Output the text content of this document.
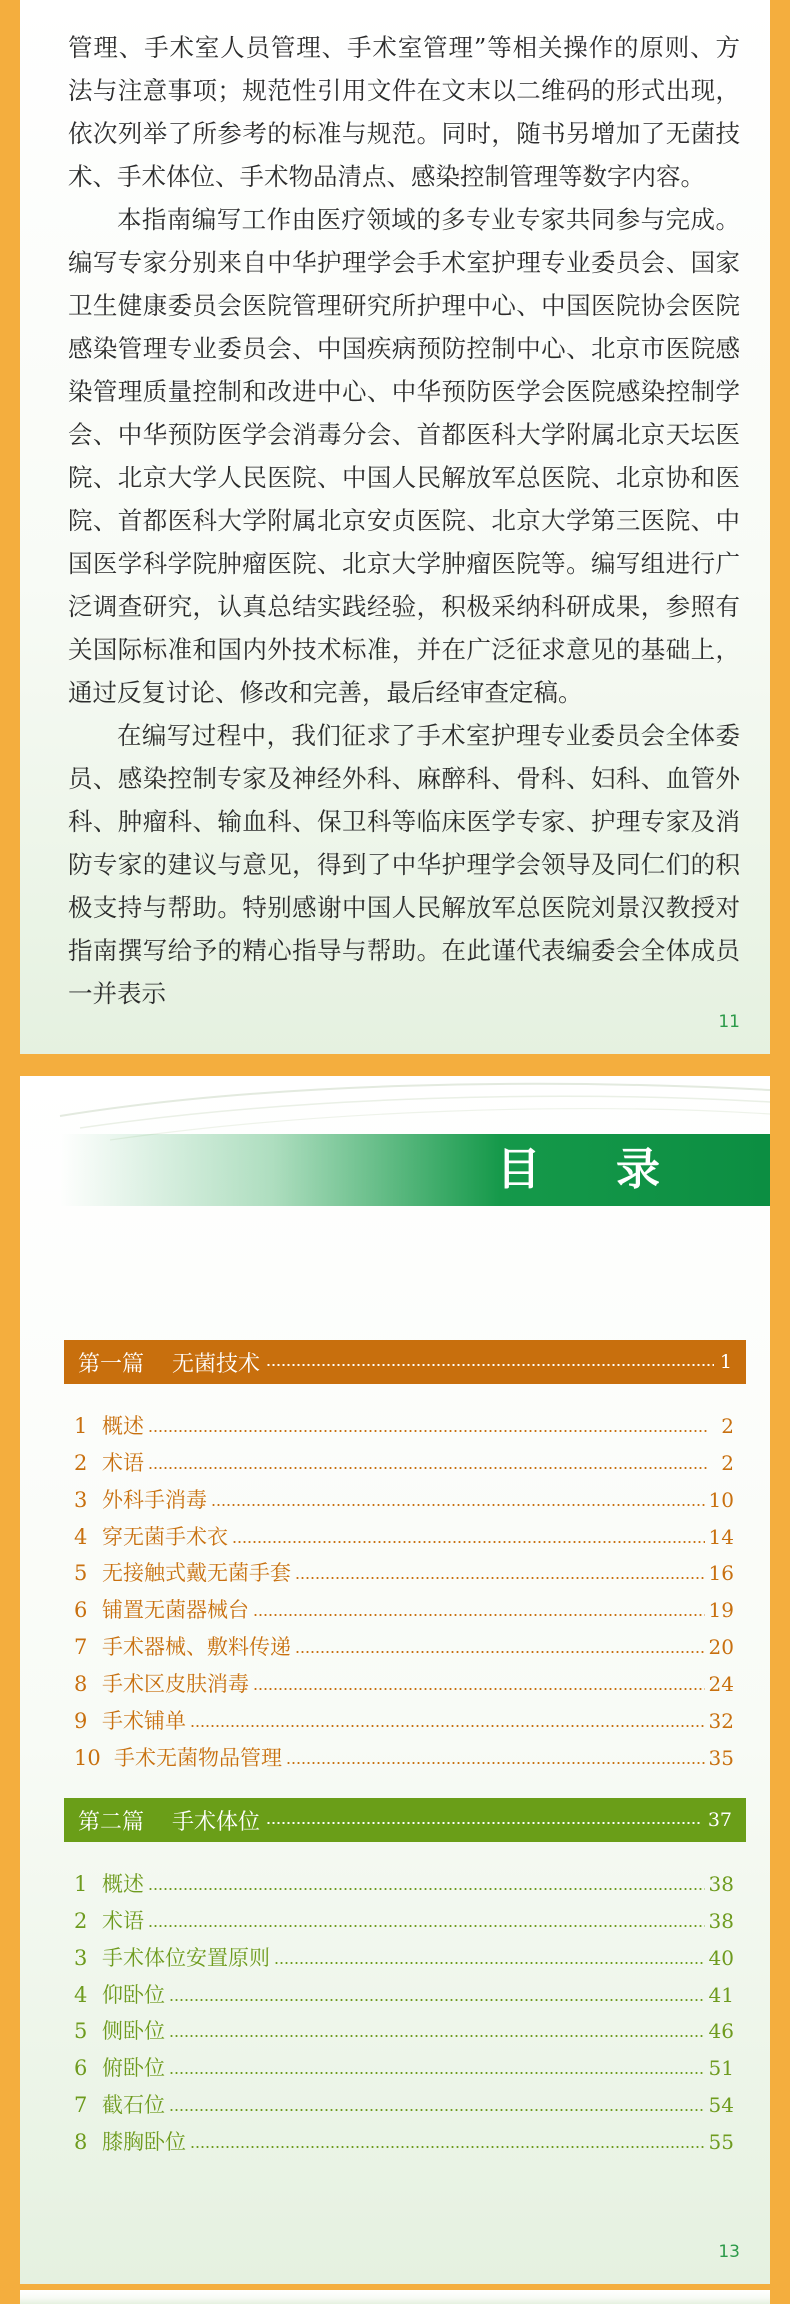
管理、手术室人员管理、手术室管理”等相关操作的原则、方法与注意事项；规范性引用文件在文末以二维码的形式出现，依次列举了所参考的标准与规范。同时，随书另增加了无菌技术、手术体位、手术物品清点、感染控制管理等数字内容。

本指南编写工作由医疗领域的多专业专家共同参与完成。编写专家分别来自中华护理学会手术室护理专业委员会、国家卫生健康委员会医院管理研究所护理中心、中国医院协会医院感染管理专业委员会、中国疾病预防控制中心、北京市医院感染管理质量控制和改进中心、中华预防医学会医院感染控制学会、中华预防医学会消毒分会、首都医科大学附属北京天坛医院、北京大学人民医院、中国人民解放军总医院、北京协和医院、首都医科大学附属北京安贞医院、北京大学第三医院、中国医学科学院肿瘤医院、北京大学肿瘤医院等。编写组进行广泛调查研究，认真总结实践经验，积极采纳科研成果，参照有关国际标准和国内外技术标准，并在广泛征求意见的基础上，通过反复讨论、修改和完善，最后经审查定稿。

在编写过程中，我们征求了手术室护理专业委员会全体委员、感染控制专家及神经外科、麻醉科、骨科、妇科、血管外科、肿瘤科、输血科、保卫科等临床医学专家、护理专家及消防专家的建议与意见，得到了中华护理学会领导及同仁们的积极支持与帮助。特别感谢中国人民解放军总医院刘景汉教授对指南撰写给予的精心指导与帮助。在此谨代表编委会全体成员一并表示

11
目 录
第一篇 无菌技术	1
1 概述	2
2 术语	2
3 外科手消毒	10
4 穿无菌手术衣	14
5 无接触式戴无菌手套	16
6 铺置无菌器械台	19
7 手术器械、敷料传递	20
8 手术区皮肤消毒	24
9 手术铺单	32
10 手术无菌物品管理	35
第二篇 手术体位	37
1 概述	38
2 术语	38
3 手术体位安置原则	40
4 仰卧位	41
5 侧卧位	46
6 俯卧位	51
7 截石位	54
8 膝胸卧位	55
13
